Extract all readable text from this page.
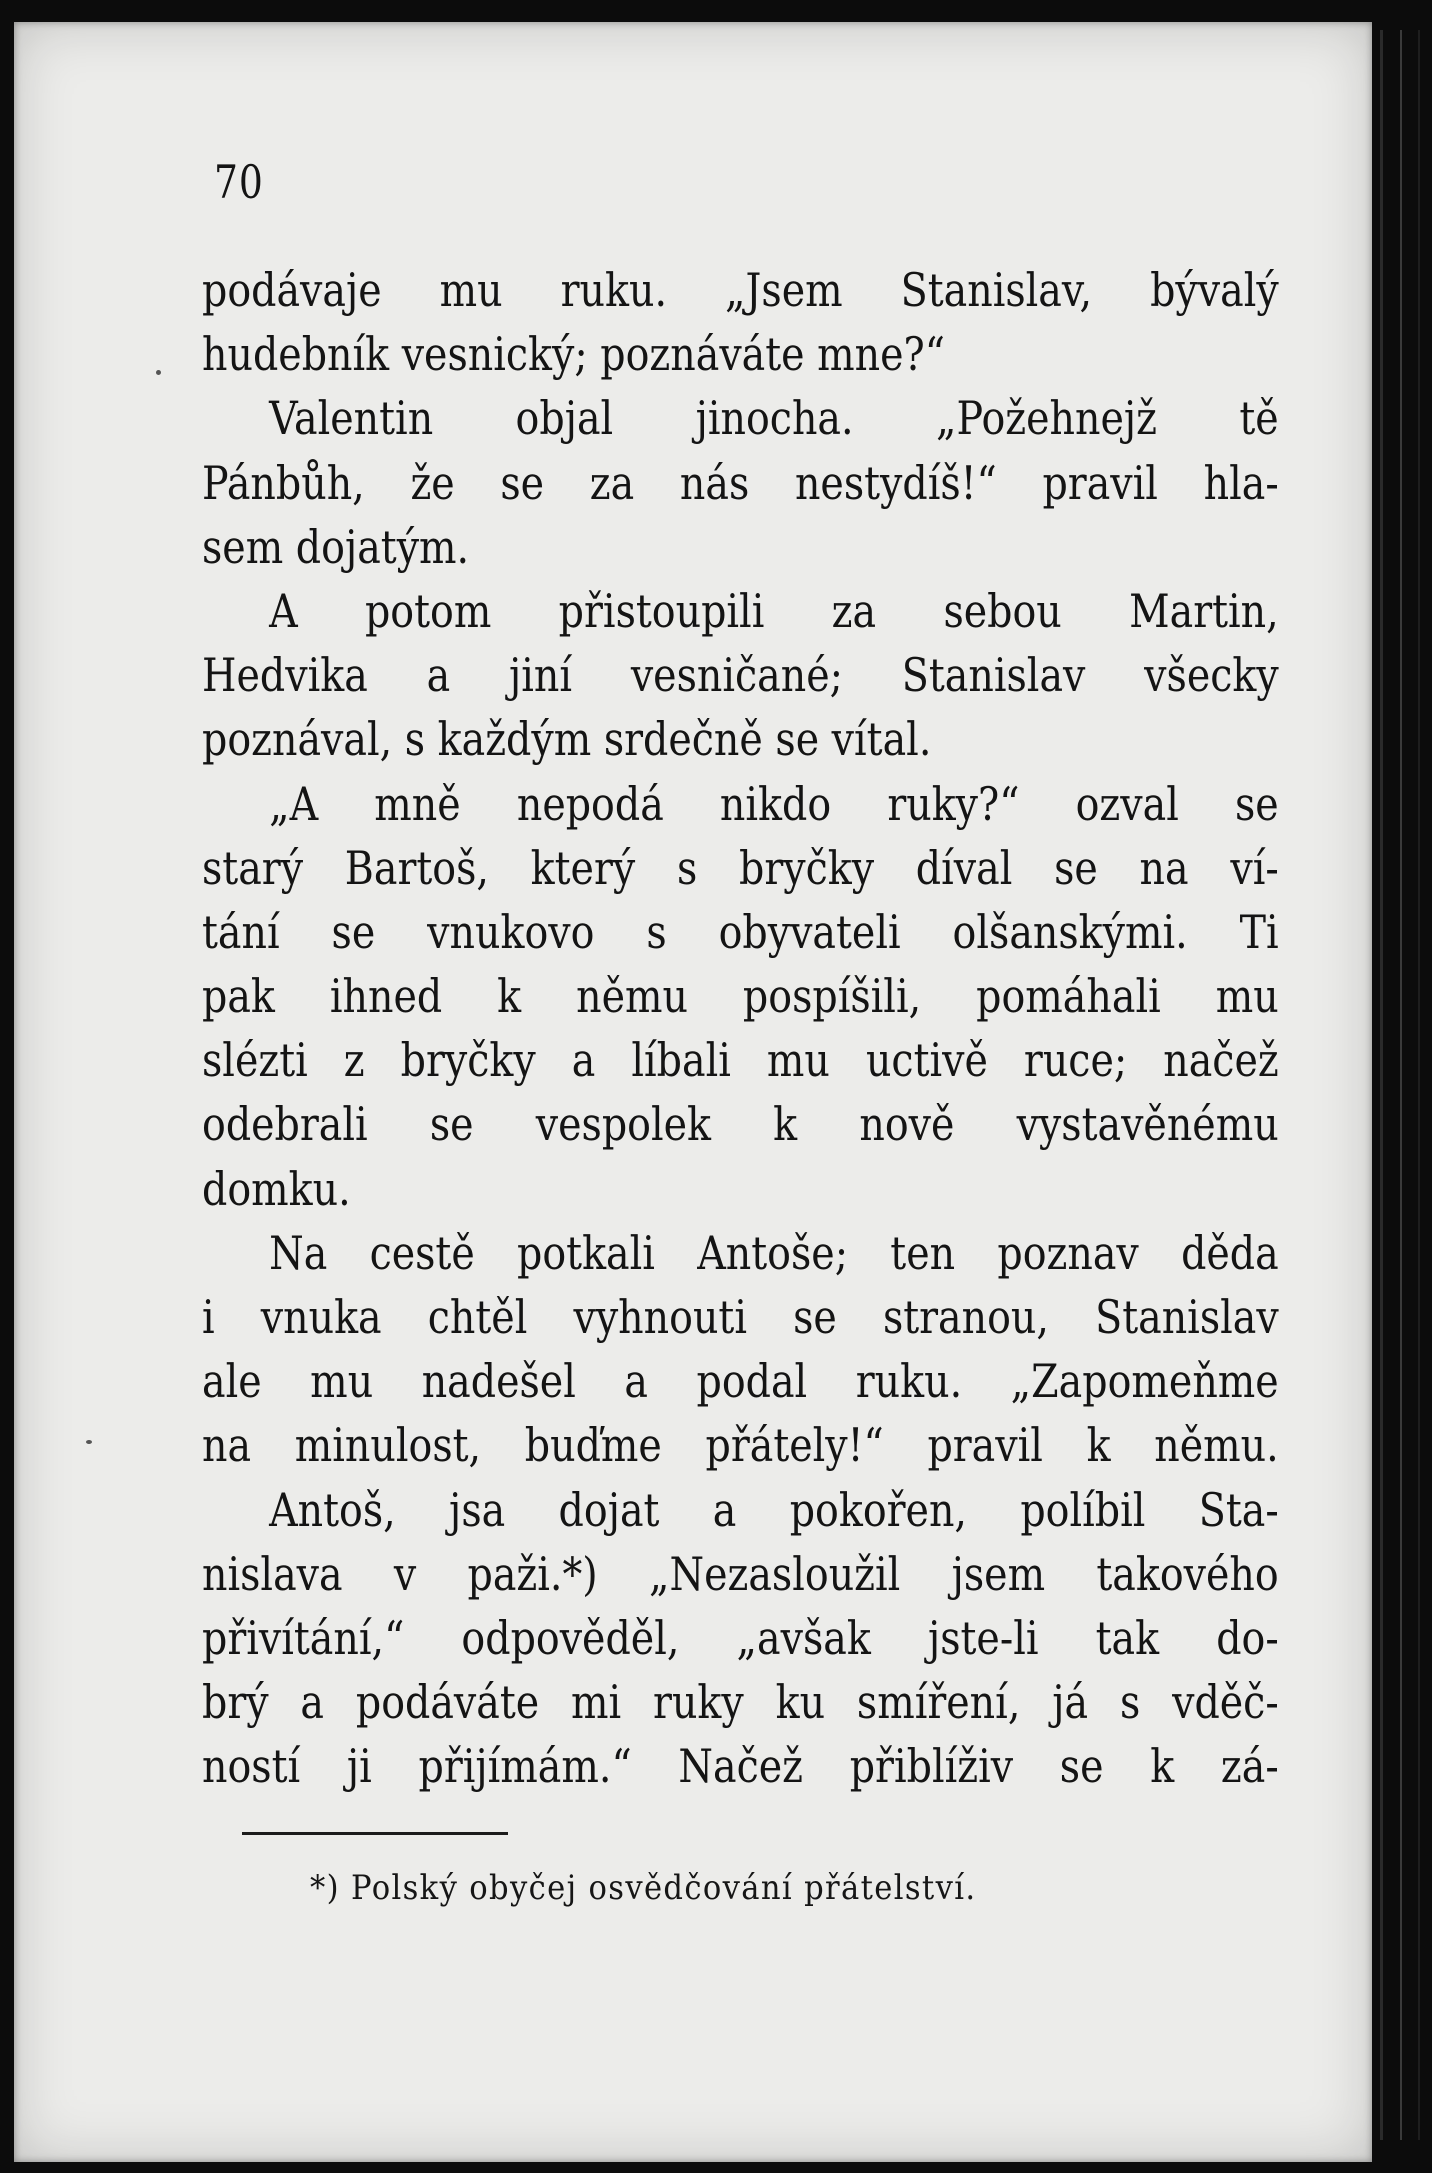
70
podávaje mu ruku. „Jsem Stanislav, bývalý
hudebník vesnický; poznáváte mne?“
Valentin objal jinocha. „Požehnejž tě
Pánbůh, že se za nás nestydíš!“ pravil hla-
sem dojatým.
A potom přistoupili za sebou Martin,
Hedvika a jiní vesničané; Stanislav všecky
poznával, s každým srdečně se vítal.
„A mně nepodá nikdo ruky?“ ozval se
starý Bartoš, který s bryčky díval se na ví-
tání se vnukovo s obyvateli olšanskými. Ti
pak ihned k němu pospíšili, pomáhali mu
slézti z bryčky a líbali mu uctivě ruce; načež
odebrali se vespolek k nově vystavěnému
domku.
Na cestě potkali Antoše; ten poznav děda
i vnuka chtěl vyhnouti se stranou, Stanislav
ale mu nadešel a podal ruku. „Zapomeňme
na minulost, buďme přátely!“ pravil k němu.
Antoš, jsa dojat a pokořen, políbil Sta-
nislava v paži.*) „Nezasloužil jsem takového
přivítání,“ odpověděl, „avšak jste-li tak do-
brý a podáváte mi ruky ku smíření, já s vděč-
ností ji přijímám.“ Načež přiblíživ se k zá-
*) Polský obyčej osvědčování přátelství.
